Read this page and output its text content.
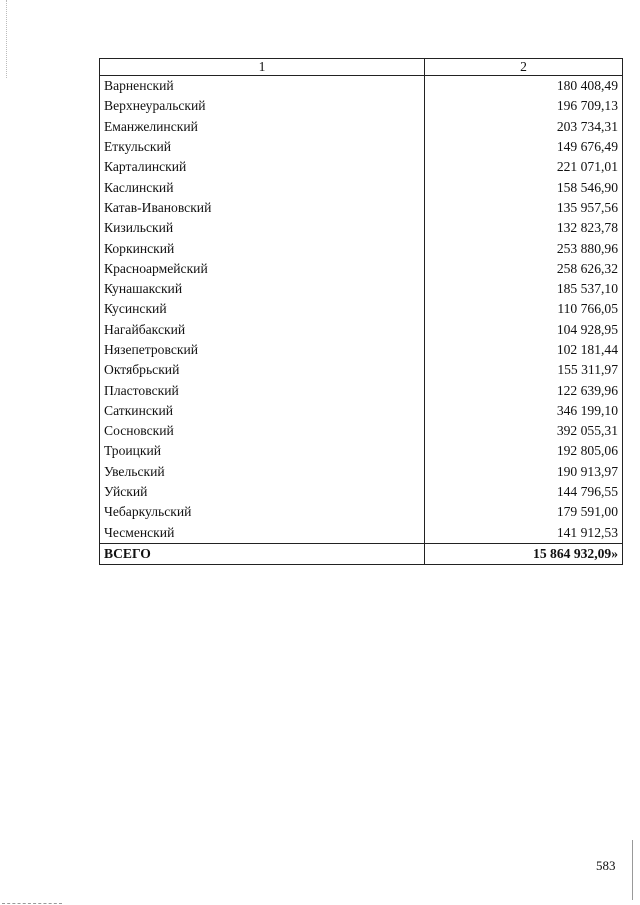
1	2
Варненский	180 408,49
Верхнеуральский	196 709,13
Еманжелинский	203 734,31
Еткульский	149 676,49
Карталинский	221 071,01
Каслинский	158 546,90
Катав-Ивановский	135 957,56
Кизильский	132 823,78
Коркинский	253 880,96
Красноармейский	258 626,32
Кунашакский	185 537,10
Кусинский	110 766,05
Нагайбакский	104 928,95
Нязепетровский	102 181,44
Октябрьский	155 311,97
Пластовский	122 639,96
Саткинский	346 199,10
Сосновский	392 055,31
Троицкий	192 805,06
Увельский	190 913,97
Уйский	144 796,55
Чебаркульский	179 591,00
Чесменский	141 912,53
ВСЕГО	15 864 932,09»
583
